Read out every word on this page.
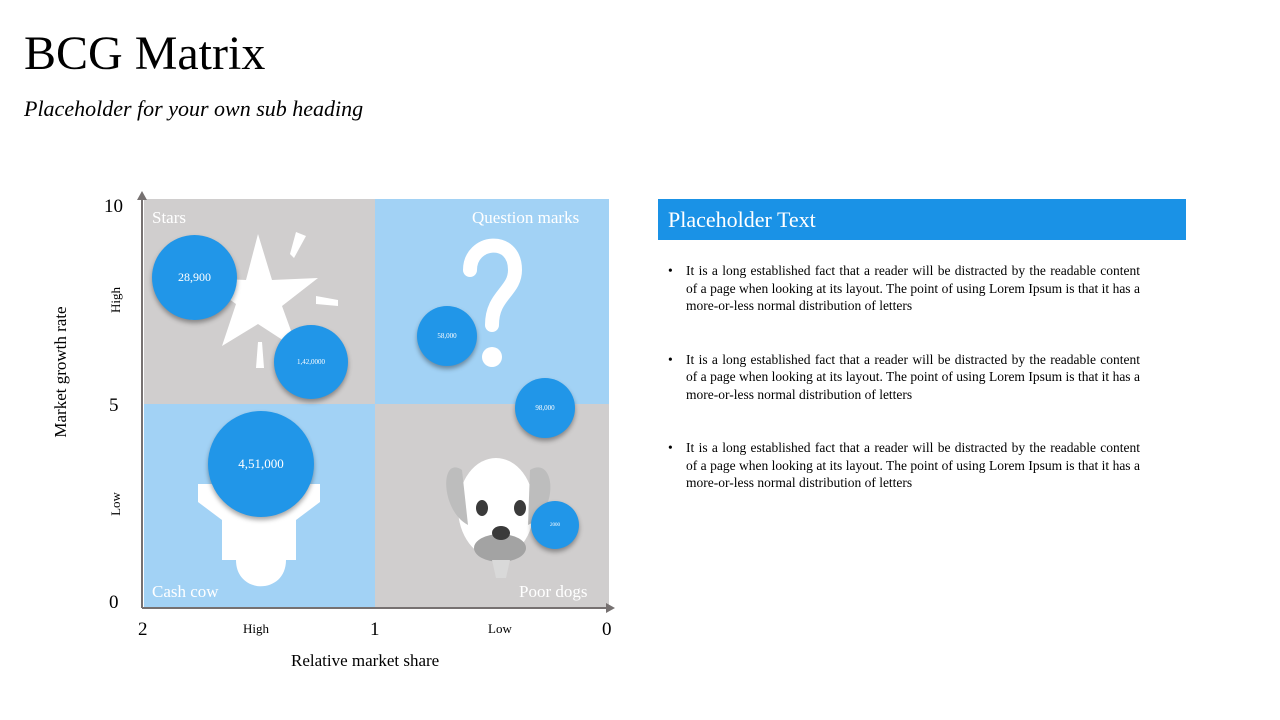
BCG Matrix
Placeholder for your own sub heading
Stars	Question marks
Cash cow	Poor dogs
28,900
1,42,0000
58,000
98,000
4,51,000
2000
10
5
0
2	1	0
High
Low
High	Low
Market growth rate
Relative market share
Placeholder Text
• It is a long established fact that a reader will be distracted by the readable content of a page when looking at its layout. The point of using Lorem Ipsum is that it has a more-or-less normal distribution of letters
• It is a long established fact that a reader will be distracted by the readable content of a page when looking at its layout. The point of using Lorem Ipsum is that it has a more-or-less normal distribution of letters
• It is a long established fact that a reader will be distracted by the readable content of a page when looking at its layout. The point of using Lorem Ipsum is that it has a more-or-less normal distribution of letters
